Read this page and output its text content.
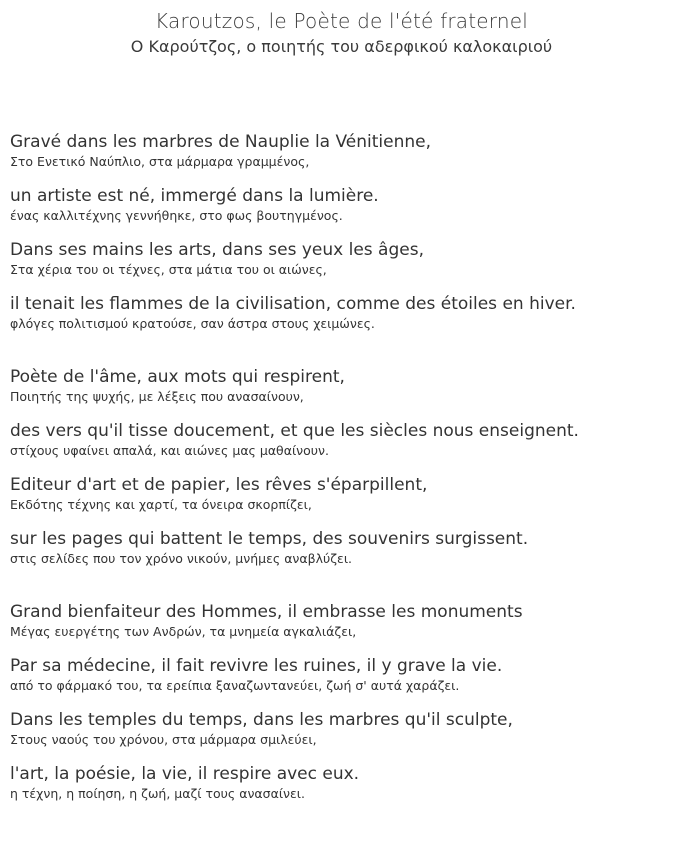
Karoutzos, le Poète de l'été fraternel
Ο Καρούτζος, ο ποιητής του αδερφικού καλοκαιριού
Gravé dans les marbres de Nauplie la Vénitienne,
Στο Ενετικό Ναύπλιο, στα μάρμαρα γραμμένος,
un artiste est né, immergé dans la lumière.
ένας καλλιτέχνης γεννήθηκε, στο φως βουτηγμένος.
Dans ses mains les arts, dans ses yeux les âges,
Στα χέρια του οι τέχνες, στα μάτια του οι αιώνες,
il tenait les flammes de la civilisation, comme des étoiles en hiver.
φλόγες πολιτισμού κρατούσε, σαν άστρα στους χειμώνες.
Poète de l'âme, aux mots qui respirent,
Ποιητής της ψυχής, με λέξεις που ανασαίνουν,
des vers qu'il tisse doucement, et que les siècles nous enseignent.
στίχους υφαίνει απαλά, και αιώνες μας μαθαίνουν.
Editeur d'art et de papier, les rêves s'éparpillent,
Εκδότης τέχνης και χαρτί, τα όνειρα σκορπίζει,
sur les pages qui battent le temps, des souvenirs surgissent.
στις σελίδες που τον χρόνο νικούν, μνήμες αναβλύζει.
Grand bienfaiteur des Hommes, il embrasse les monuments
Μέγας ευεργέτης των Ανδρών, τα μνημεία αγκαλιάζει,
Par sa médecine, il fait revivre les ruines, il y grave la vie.
από το φάρμακό του, τα ερείπια ξαναζωντανεύει, ζωή σ' αυτά χαράζει.
Dans les temples du temps, dans les marbres qu'il sculpte,
Στους ναούς του χρόνου, στα μάρμαρα σμιλεύει,
l'art, la poésie, la vie, il respire avec eux.
η τέχνη, η ποίηση, η ζωή, μαζί τους ανασαίνει.
